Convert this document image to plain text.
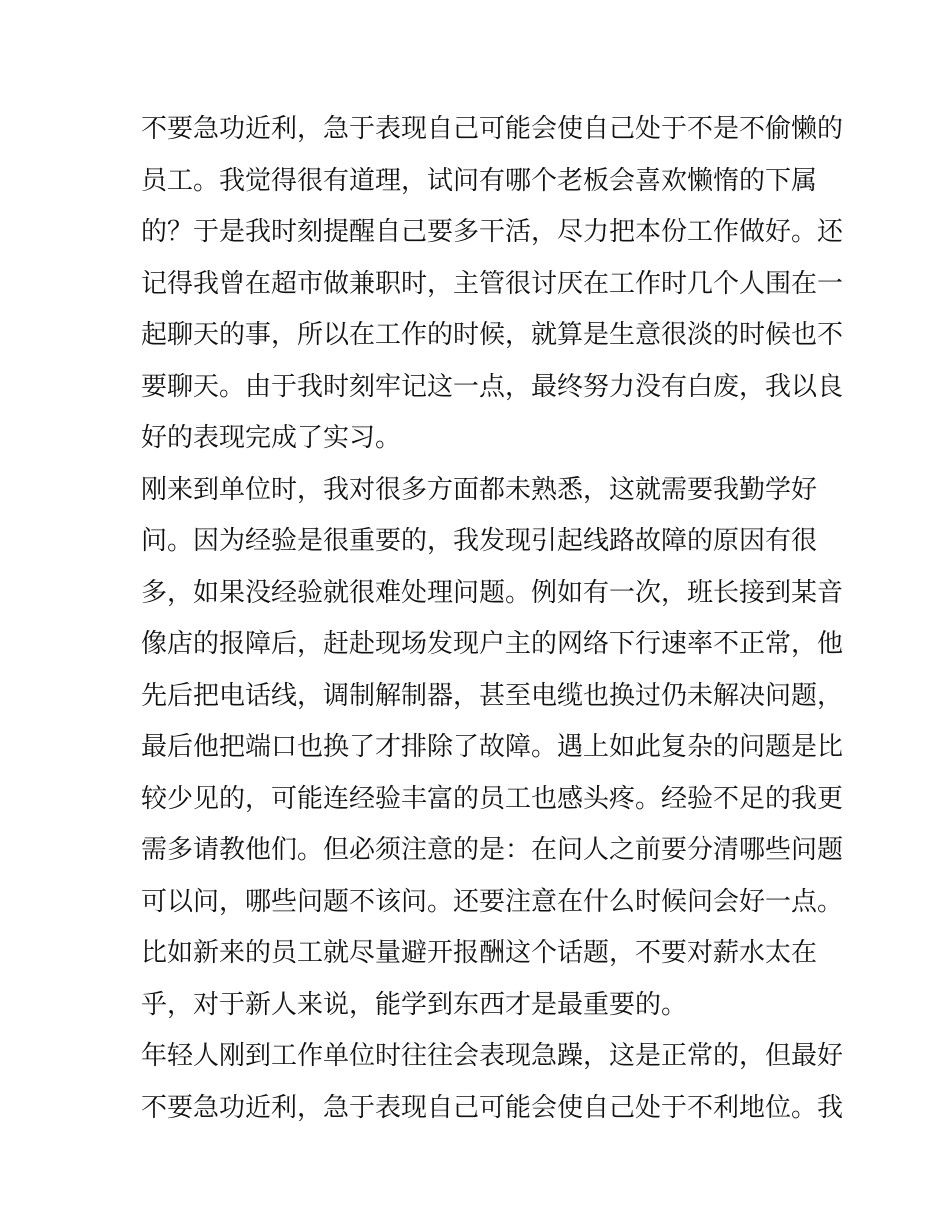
不要急功近利，急于表现自己可能会使自己处于不是不偷懒的
员工。我觉得很有道理，试问有哪个老板会喜欢懒惰的下属
的？于是我时刻提醒自己要多干活，尽力把本份工作做好。还
记得我曾在超市做兼职时，主管很讨厌在工作时几个人围在一
起聊天的事，所以在工作的时候，就算是生意很淡的时候也不
要聊天。由于我时刻牢记这一点，最终努力没有白废，我以良
好的表现完成了实习。
刚来到单位时，我对很多方面都未熟悉，这就需要我勤学好
问。因为经验是很重要的，我发现引起线路故障的原因有很
多，如果没经验就很难处理问题。例如有一次，班长接到某音
像店的报障后，赶赴现场发现户主的网络下行速率不正常，他
先后把电话线，调制解制器，甚至电缆也换过仍未解决问题，
最后他把端口也换了才排除了故障。遇上如此复杂的问题是比
较少见的，可能连经验丰富的员工也感头疼。经验不足的我更
需多请教他们。但必须注意的是：在问人之前要分清哪些问题
可以问，哪些问题不该问。还要注意在什么时候问会好一点。
比如新来的员工就尽量避开报酬这个话题，不要对薪水太在
乎，对于新人来说，能学到东西才是最重要的。
年轻人刚到工作单位时往往会表现急躁，这是正常的，但最好
不要急功近利，急于表现自己可能会使自己处于不利地位。我
